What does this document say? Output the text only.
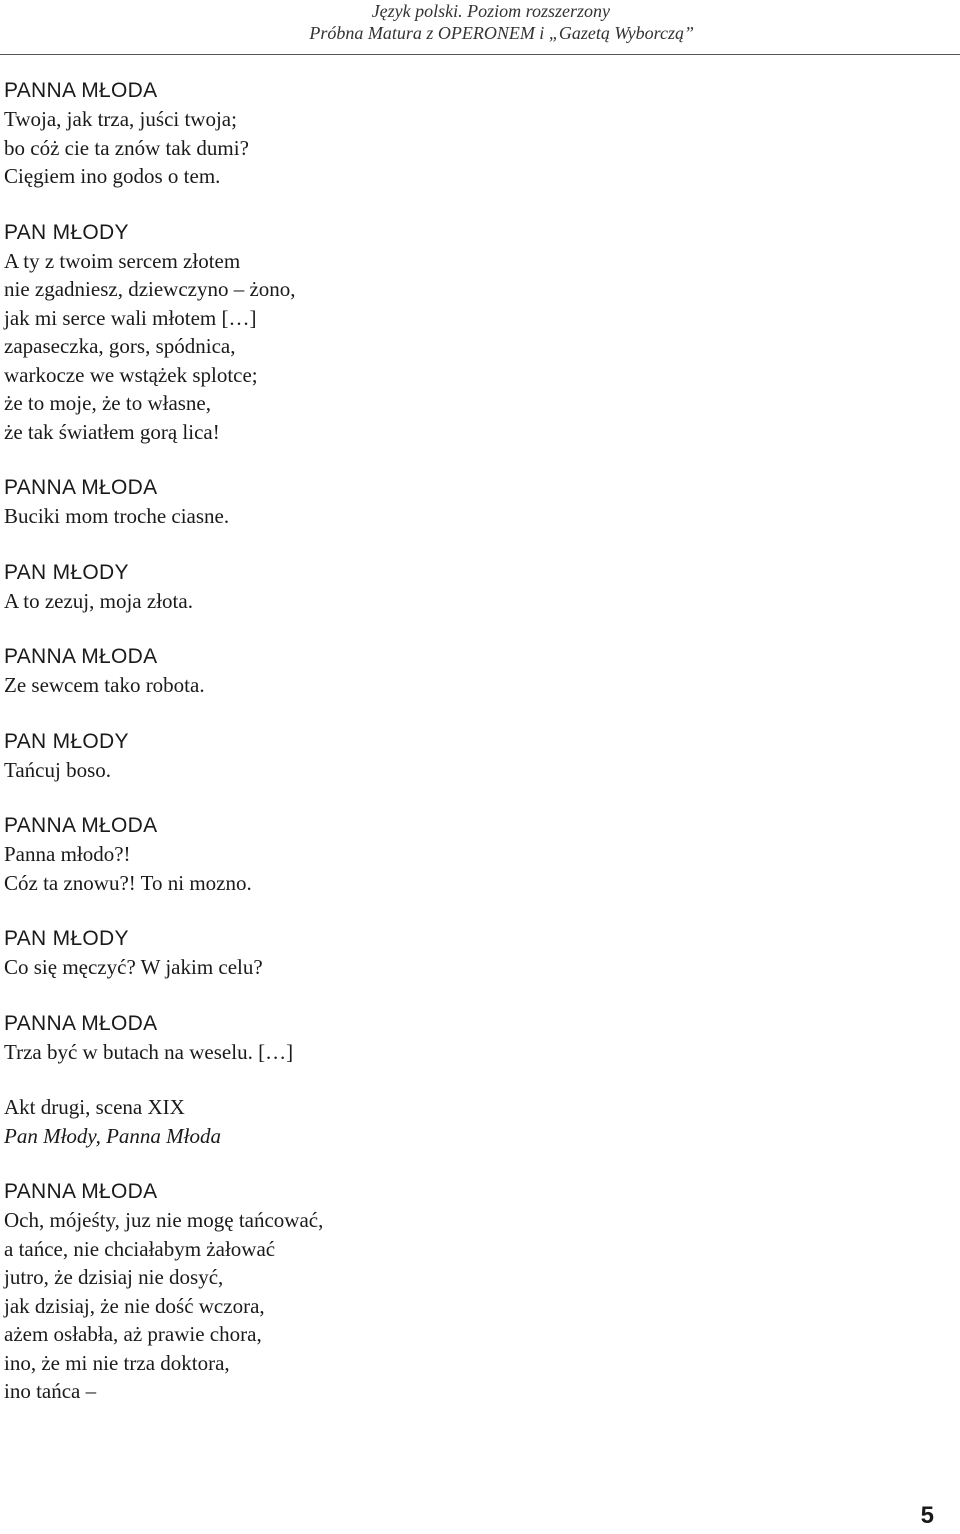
Język polski. Poziom rozszerzony
Próbna Matura z OPERONEM i „Gazetą Wyborczą”
PANNA MŁODA
Twoja, jak trza, juści twoja;
bo cóż cie ta znów tak dumi?
Cięgiem ino godos o tem.
PAN MŁODY
A ty z twoim sercem złotem
nie zgadniesz, dziewczyno – żono,
jak mi serce wali młotem […]
zapaseczka, gors, spódnica,
warkocze we wstążek splotce;
że to moje, że to własne,
że tak światłem gorą lica!
PANNA MŁODA
Buciki mom troche ciasne.
PAN MŁODY
A to zezuj, moja złota.
PANNA MŁODA
Ze sewcem tako robota.
PAN MŁODY
Tańcuj boso.
PANNA MŁODA
Panna młodo?!
Cóz ta znowu?! To ni mozno.
PAN MŁODY
Co się męczyć? W jakim celu?
PANNA MŁODA
Trza być w butach na weselu. […]
Akt drugi, scena XIX
Pan Młody, Panna Młoda
PANNA MŁODA
Och, mójeśty, juz nie mogę tańcować,
a tańce, nie chciałabym żałować
jutro, że dzisiaj nie dosyć,
jak dzisiaj, że nie dość wczora,
ażem osłabła, aż prawie chora,
ino, że mi nie trza doktora,
ino tańca –
5
